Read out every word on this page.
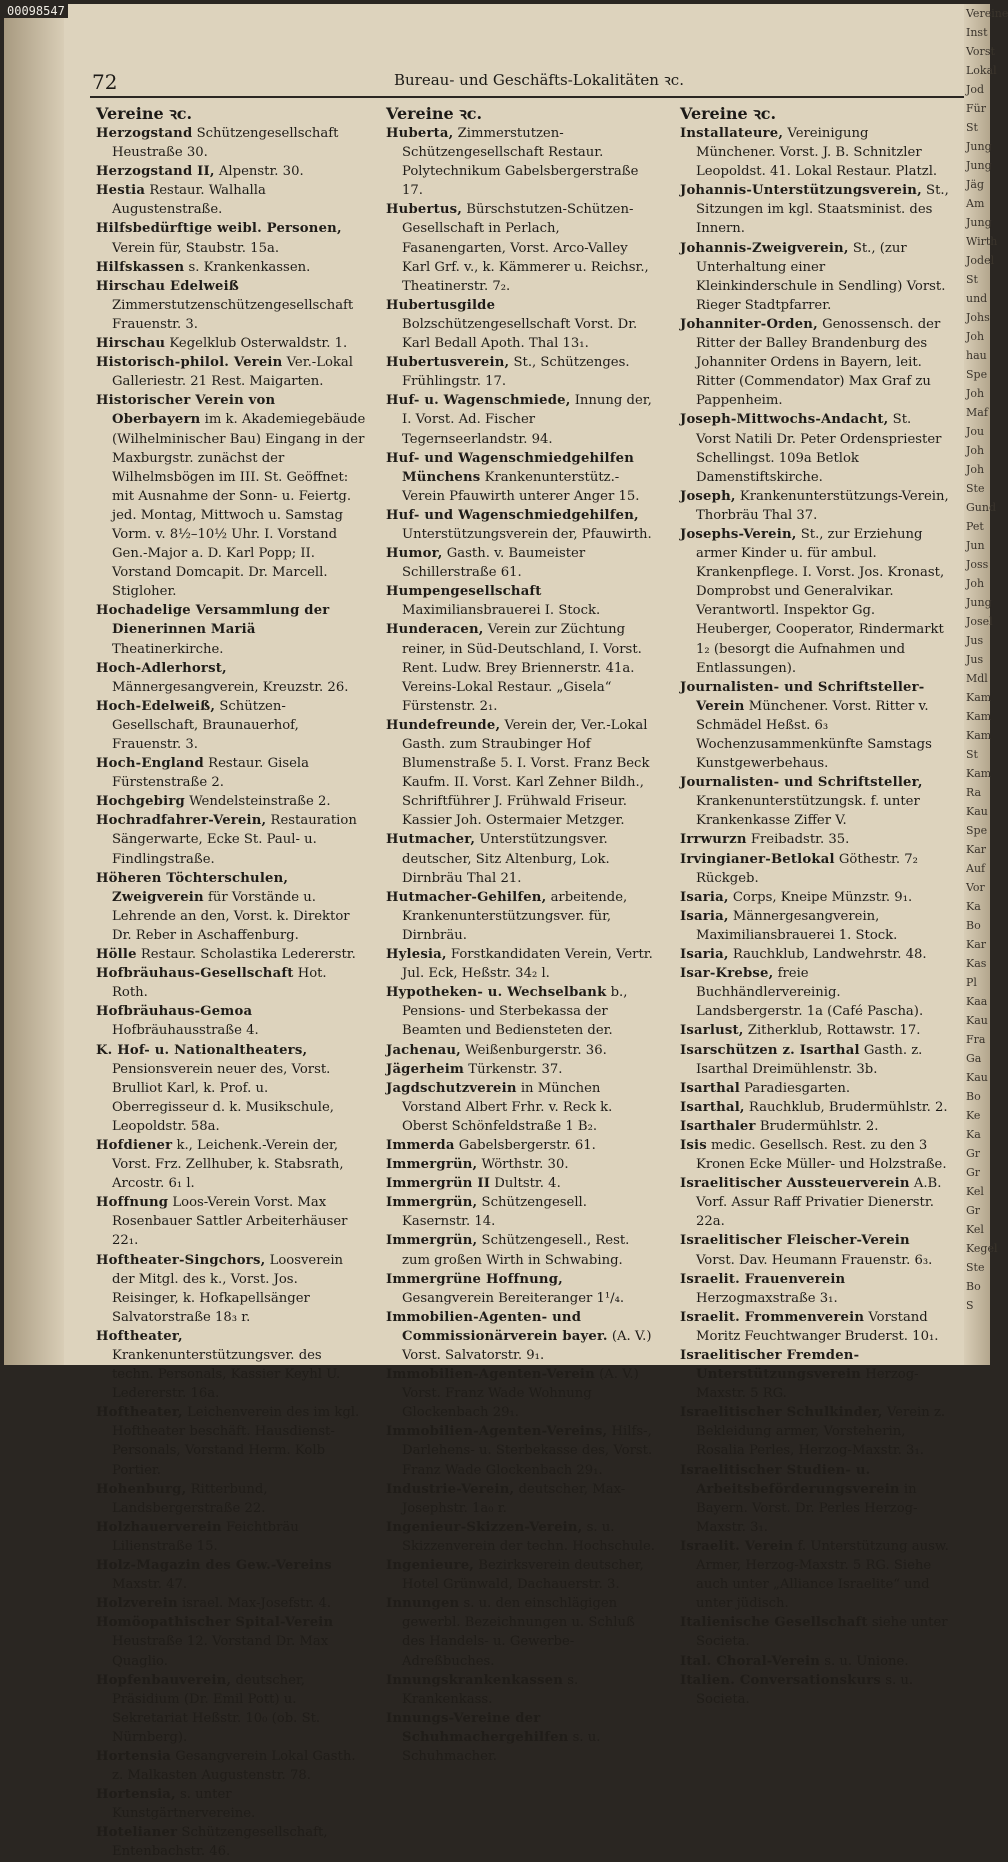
00098547
72	Bureau- und Geschäfts-Lokalitäten ꝛc.
Vereine ꝛc.
Herzogstand Schützengesellschaft Heustraße 30.
Herzogstand II, Alpenstr. 30.
Hestia Restaur. Walhalla Augustenstraße.
Hilfsbedürftige weibl. Personen, Verein für, Staubstr. 15a.
Hilfskassen s. Krankenkassen.
Hirschau Edelweiß Zimmerstutzenschützengesellschaft Frauenstr. 3.
Hirschau Kegelklub Osterwaldstr. 1.
Historisch-philol. Verein Ver.-Lokal Galleriestr. 21 Rest. Maigarten.
Historischer Verein von Oberbayern im k. Akademiegebäude (Wilhelminischer Bau) Eingang in der Maxburgstr. zunächst der Wilhelmsbögen im III. St. Geöffnet: mit Ausnahme der Sonn- u. Feiertg. jed. Montag, Mittwoch u. Samstag Vorm. v. 8½–10½ Uhr. I. Vorstand Gen.-Major a. D. Karl Popp; II. Vorstand Domcapit. Dr. Marcell. Stigloher.
Hochadelige Versammlung der Dienerinnen Mariä Theatinerkirche.
Hoch-Adlerhorst, Männergesangverein, Kreuzstr. 26.
Hoch-Edelweiß, Schützen-Gesellschaft, Braunauerhof, Frauenstr. 3.
Hoch-England Restaur. Gisela Fürstenstraße 2.
Hochgebirg Wendelsteinstraße 2.
Hochradfahrer-Verein, Restauration Sängerwarte, Ecke St. Paul- u. Findlingstraße.
Höheren Töchterschulen, Zweigverein für Vorstände u. Lehrende an den, Vorst. k. Direktor Dr. Reber in Aschaffenburg.
Hölle Restaur. Scholastika Ledererstr.
Hofbräuhaus-Gesellschaft Hot. Roth.
Hofbräuhaus-Gemoa Hofbräuhausstraße 4.
K. Hof- u. Nationaltheaters, Pensionsverein neuer des, Vorst. Brulliot Karl, k. Prof. u. Oberregisseur d. k. Musikschule, Leopoldstr. 58a.
Hofdiener k., Leichenk.-Verein der, Vorst. Frz. Zellhuber, k. Stabsrath, Arcostr. 6₁ l.
Hoffnung Loos-Verein Vorst. Max Rosenbauer Sattler Arbeiterhäuser 22₁.
Hoftheater-Singchors, Loosverein der Mitgl. des k., Vorst. Jos. Reisinger, k. Hofkapellsänger Salvatorstraße 18₃ r.
Hoftheater, Krankenunterstützungsver. des techn. Personals, Kassier Keyhl U. Ledererstr. 16a.
Hoftheater, Leichenverein des im kgl. Hoftheater beschäft. Hausdienst-Personals, Vorstand Herm. Kolb Portier.
Hohenburg, Ritterbund, Landsbergerstraße 22.
Holzhauerverein Feichtbräu Lilienstraße 15.
Holz-Magazin des Gew.-Vereins Maxstr. 47.
Holzverein israel. Max-Josefstr. 4.
Homöopathischer Spital-Verein Heustraße 12. Vorstand Dr. Max Quaglio.
Hopfenbauverein, deutscher, Präsidium (Dr. Emil Pott) u. Sekretariat Heßstr. 10₀ (ob. St. Nürnberg).
Hortensia Gesangverein Lokal Gasth. z. Malkasten Augustenstr. 78.
Hortensia, s. unter Kunstgärtnervereine.
Hotelianer Schützengesellschaft, Entenbachstr. 46.
Vereine ꝛc.
Huberta, Zimmerstutzen-Schützengesellschaft Restaur. Polytechnikum Gabelsbergerstraße 17.
Hubertus, Bürschstutzen-Schützen-Gesellschaft in Perlach, Fasanengarten, Vorst. Arco-Valley Karl Grf. v., k. Kämmerer u. Reichsr., Theatinerstr. 7₂.
Hubertusgilde Bolzschützengesellschaft Vorst. Dr. Karl Bedall Apoth. Thal 13₁.
Hubertusverein, St., Schützenges. Frühlingstr. 17.
Huf- u. Wagenschmiede, Innung der, I. Vorst. Ad. Fischer Tegernseerlandstr. 94.
Huf- und Wagenschmiedgehilfen Münchens Krankenunterstütz.-Verein Pfauwirth unterer Anger 15.
Huf- und Wagenschmiedgehilfen, Unterstützungsverein der, Pfauwirth.
Humor, Gasth. v. Baumeister Schillerstraße 61.
Humpengesellschaft Maximiliansbrauerei I. Stock.
Hunderacen, Verein zur Züchtung reiner, in Süd-Deutschland, I. Vorst. Rent. Ludw. Brey Briennerstr. 41a. Vereins-Lokal Restaur. „Gisela“ Fürstenstr. 2₁.
Hundefreunde, Verein der, Ver.-Lokal Gasth. zum Straubinger Hof Blumenstraße 5. I. Vorst. Franz Beck Kaufm. II. Vorst. Karl Zehner Bildh., Schriftführer J. Frühwald Friseur. Kassier Joh. Ostermaier Metzger.
Hutmacher, Unterstützungsver. deutscher, Sitz Altenburg, Lok. Dirnbräu Thal 21.
Hutmacher-Gehilfen, arbeitende, Krankenunterstützungsver. für, Dirnbräu.
Hylesia, Forstkandidaten Verein, Vertr. Jul. Eck, Heßstr. 34₂ l.
Hypotheken- u. Wechselbank b., Pensions- und Sterbekassa der Beamten und Bediensteten der.
Jachenau, Weißenburgerstr. 36.
Jägerheim Türkenstr. 37.
Jagdschutzverein in München Vorstand Albert Frhr. v. Reck k. Oberst Schönfeldstraße 1 B₂.
Immerda Gabelsbergerstr. 61.
Immergrün, Wörthstr. 30.
Immergrün II Dultstr. 4.
Immergrün, Schützengesell. Kasernstr. 14.
Immergrün, Schützengesell., Rest. zum großen Wirth in Schwabing.
Immergrüne Hoffnung, Gesangverein Bereiteranger 1¹/₄.
Immobilien-Agenten- und Commissionärverein bayer. (A. V.) Vorst. Salvatorstr. 9₁.
Immobilien-Agenten-Verein (A. V.) Vorst. Franz Wade Wohnung Glockenbach 29₁.
Immobilien-Agenten-Vereins, Hilfs-, Darlehens- u. Sterbekasse des, Vorst. Franz Wade Glockenbach 29₁.
Industrie-Verein, deutscher, Max-Josephstr. 1a₀ r.
Ingenieur-Skizzen-Verein, s. u. Skizzenverein der techn. Hochschule.
Ingenieure, Bezirksverein deutscher, Hotel Grünwald, Dachauerstr. 3.
Innungen s. u. den einschlägigen gewerbl. Bezeichnungen u. Schluß des Handels- u. Gewerbe-Adreßbuches.
Innungskrankenkassen s. Krankenkass.
Innungs-Vereine der Schuhmachergehilfen s. u. Schuhmacher.
Vereine ꝛc.
Installateure, Vereinigung Münchener. Vorst. J. B. Schnitzler Leopoldst. 41. Lokal Restaur. Platzl.
Johannis-Unterstützungsverein, St., Sitzungen im kgl. Staatsminist. des Innern.
Johannis-Zweigverein, St., (zur Unterhaltung einer Kleinkinderschule in Sendling) Vorst. Rieger Stadtpfarrer.
Johanniter-Orden, Genossensch. der Ritter der Balley Brandenburg des Johanniter Ordens in Bayern, leit. Ritter (Commendator) Max Graf zu Pappenheim.
Joseph-Mittwochs-Andacht, St. Vorst Natili Dr. Peter Ordenspriester Schellingst. 109a Betlok Damenstiftskirche.
Joseph, Krankenunterstützungs-Verein, Thorbräu Thal 37.
Josephs-Verein, St., zur Erziehung armer Kinder u. für ambul. Krankenpflege. I. Vorst. Jos. Kronast, Domprobst und Generalvikar. Verantwortl. Inspektor Gg. Heuberger, Cooperator, Rindermarkt 1₂ (besorgt die Aufnahmen und Entlassungen).
Journalisten- und Schriftsteller-Verein Münchener. Vorst. Ritter v. Schmädel Heßst. 6₃ Wochenzusammenkünfte Samstags Kunstgewerbehaus.
Journalisten- und Schriftsteller, Krankenunterstützungsk. f. unter Krankenkasse Ziffer V.
Irrwurzn Freibadstr. 35.
Irvingianer-Betlokal Göthestr. 7₂ Rückgeb.
Isaria, Corps, Kneipe Münzstr. 9₁.
Isaria, Männergesangverein, Maximiliansbrauerei 1. Stock.
Isaria, Rauchklub, Landwehrstr. 48.
Isar-Krebse, freie Buchhändlervereinig. Landsbergerstr. 1a (Café Pascha).
Isarlust, Zitherklub, Rottawstr. 17.
Isarschützen z. Isarthal Gasth. z. Isarthal Dreimühlenstr. 3b.
Isarthal Paradiesgarten.
Isarthal, Rauchklub, Brudermühlstr. 2.
Isarthaler Brudermühlstr. 2.
Isis medic. Gesellsch. Rest. zu den 3 Kronen Ecke Müller- und Holzstraße.
Israelitischer Aussteuerverein A.B. Vorf. Assur Raff Privatier Dienerstr. 22a.
Israelitischer Fleischer-Verein Vorst. Dav. Heumann Frauenstr. 6₃.
Israelit. Frauenverein Herzogmaxstraße 3₁.
Israelit. Frommenverein Vorstand Moritz Feuchtwanger Bruderst. 10₁.
Israelitischer Fremden-Unterstützungsverein Herzog-Maxstr. 5 RG.
Israelitischer Schulkinder, Verein z. Bekleidung armer, Vorsteherin, Rosalia Perles, Herzog-Maxstr. 3₁.
Israelitischer Studien- u. Arbeitsbeförderungsverein in Bayern. Vorst. Dr. Perles Herzog-Maxstr. 3₁.
Israelit. Verein f. Unterstützung ausw. Armer, Herzog-Maxstr. 5 RG. Siehe auch unter „Alliance Israelite“ und unter jüdisch.
Italienische Gesellschaft siehe unter Societa.
Ital. Choral-Verein s. u. Unione.
Italien. Conversationskurs s. u. Societa.
Vereine
Inst
Vorst
Lokal
Jod
Für
St
Jung
Jung
Jäg
Am
Jung
Wirth
Jodel
St
und
Johs
Joh
hau
Spe
Joh
Maf
Jou
Joh
Joh
Ste
Gund
Pet
Jun
Joss
Joh
Jung
Josel
Jus
Jus
Mdl
Kam
Kam
Kam
St
Kam
Ra
Kau
Spe
Kar
Auf
Vor
Ka
Bo
Kar
Kas
Pl
Kaa
Kau
Fra
Ga
Kau
Bo
Ke
Ka
Gr
Gr
Kel
Gr
Kel
Kegel
Ste
Bo
S
